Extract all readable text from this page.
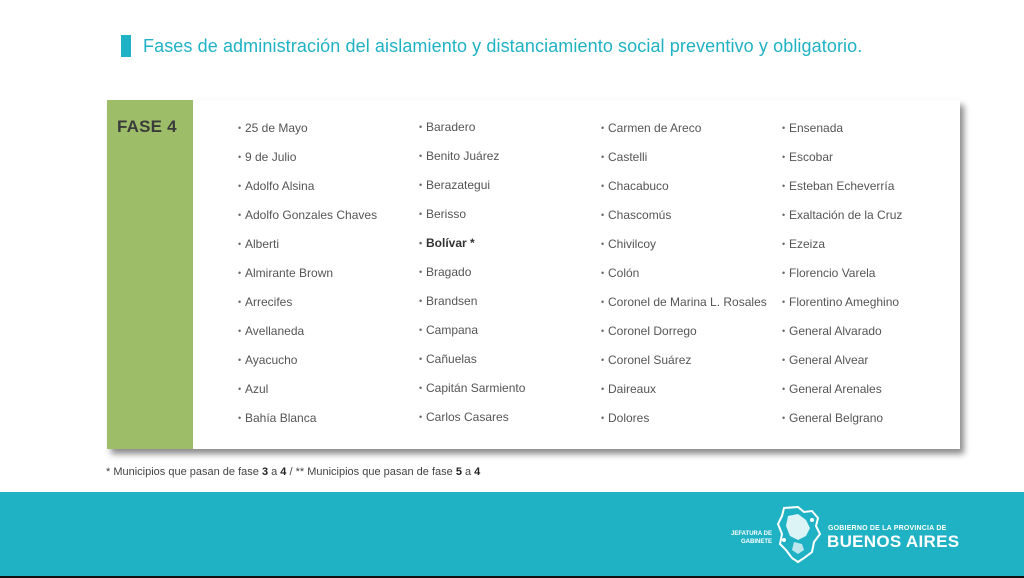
Fases de administración del aislamiento y distanciamiento social preventivo y obligatorio.
FASE 4
•	25 de Mayo
• 9 de Julio
• Adolfo Alsina
• Adolfo Gonzales Chaves
• Alberti
• Almirante Brown
• Arrecifes
• Avellaneda
• Ayacucho
• Azul
• Bahía Blanca
• Baradero
• Benito Juárez
• Berazategui
• Berisso
• Bolívar *
• Bragado
• Brandsen
• Campana
• Cañuelas
• Capitán Sarmiento
• Carlos Casares
• Carmen de Areco
• Castelli
• Chacabuco
• Chascomús
• Chivilcoy
• Colón
• Coronel de Marina L. Rosales
• Coronel Dorrego
• Coronel Suárez
• Daireaux
• Dolores
• Ensenada
• Escobar
• Esteban Echeverría
• Exaltación de la Cruz
• Ezeiza
• Florencio Varela
• Florentino Ameghino
• General Alvarado
• General Alvear
• General Arenales
• General Belgrano
* Municipios que pasan de fase 3 a 4 / ** Municipios que pasan de fase 5 a 4
JEFATURA DE
GABINETE
GOBIERNO DE LA PROVINCIA DE
BUENOS AIRES
